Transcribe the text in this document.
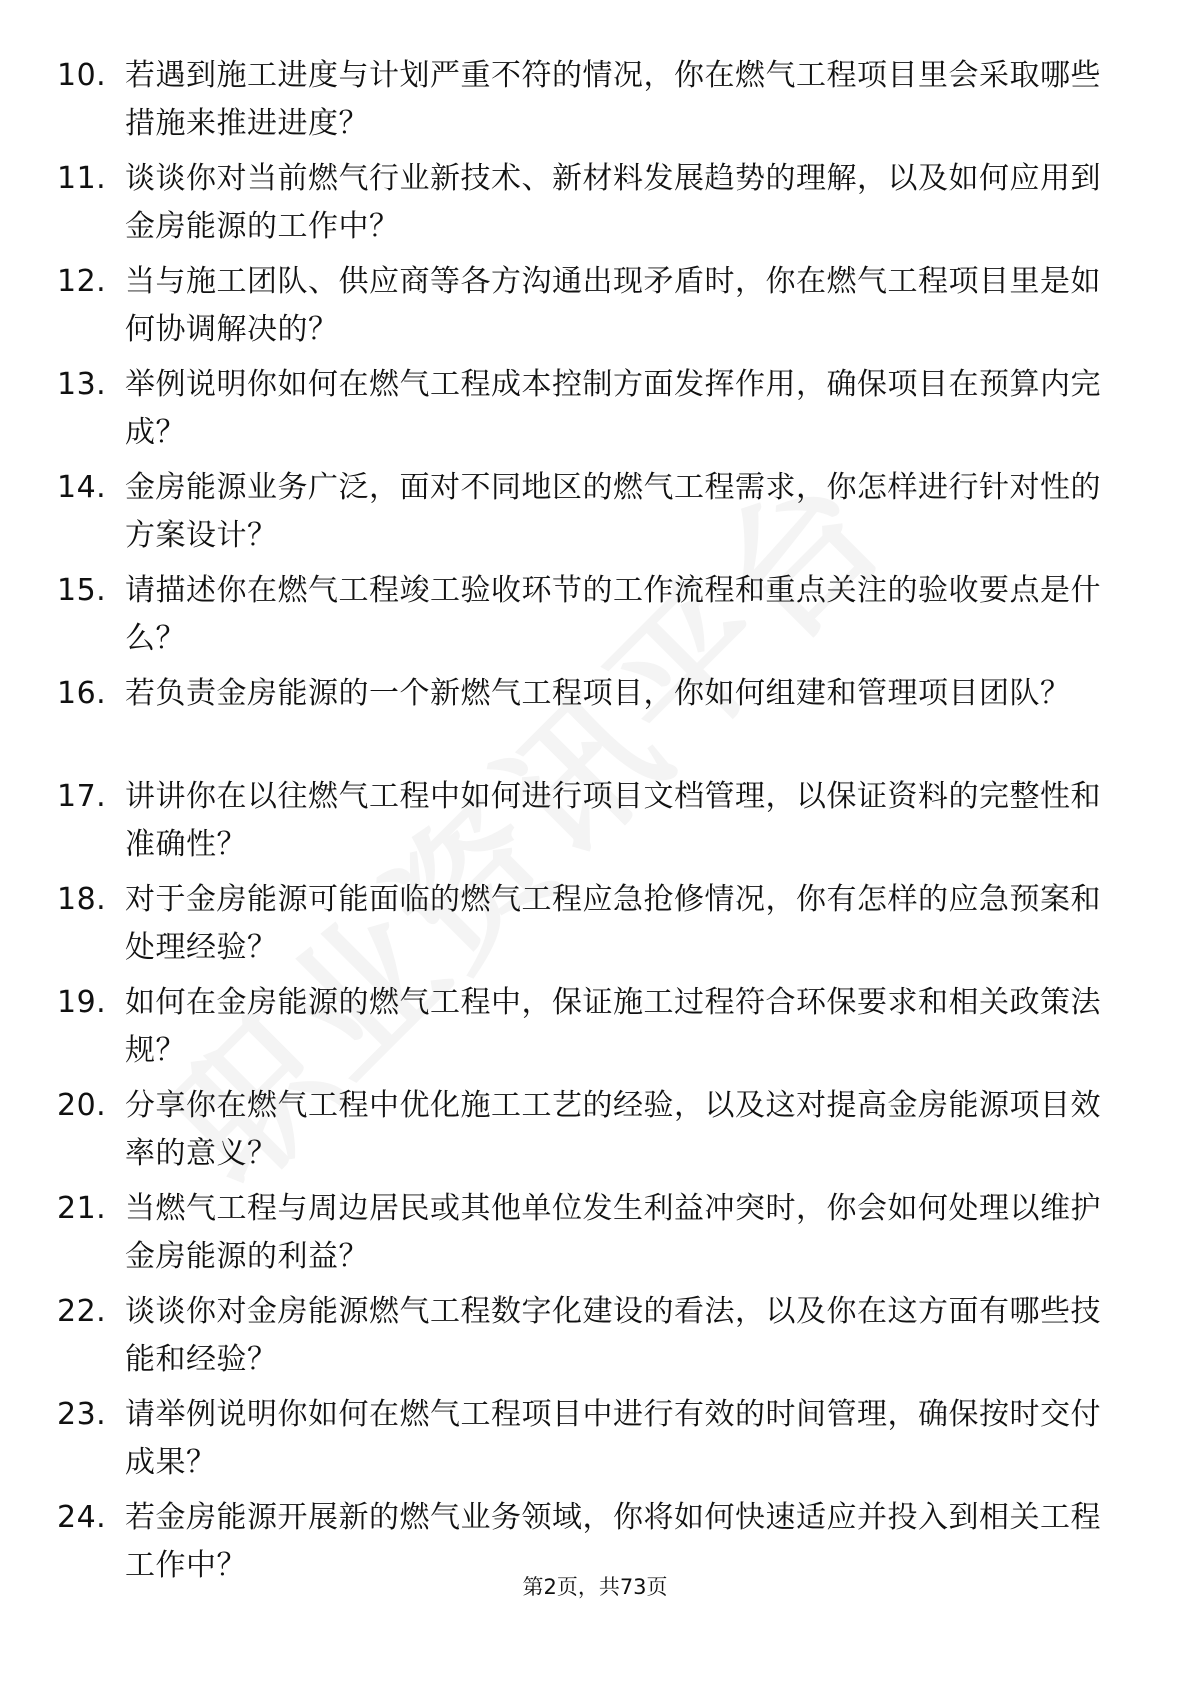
10. 若遇到施工进度与计划严重不符的情况，你在燃气工程项目里会采取哪些措施来推进进度？
11. 谈谈你对当前燃气行业新技术、新材料发展趋势的理解，以及如何应用到金房能源的工作中？
12. 当与施工团队、供应商等各方沟通出现矛盾时，你在燃气工程项目里是如何协调解决的？
13. 举例说明你如何在燃气工程成本控制方面发挥作用，确保项目在预算内完成？
14. 金房能源业务广泛，面对不同地区的燃气工程需求，你怎样进行针对性的方案设计？
15. 请描述你在燃气工程竣工验收环节的工作流程和重点关注的验收要点是什么？
16. 若负责金房能源的一个新燃气工程项目，你如何组建和管理项目团队？
17. 讲讲你在以往燃气工程中如何进行项目文档管理，以保证资料的完整性和准确性？
18. 对于金房能源可能面临的燃气工程应急抢修情况，你有怎样的应急预案和处理经验？
19. 如何在金房能源的燃气工程中，保证施工过程符合环保要求和相关政策法规？
20. 分享你在燃气工程中优化施工工艺的经验，以及这对提高金房能源项目效率的意义？
21. 当燃气工程与周边居民或其他单位发生利益冲突时，你会如何处理以维护金房能源的利益？
22. 谈谈你对金房能源燃气工程数字化建设的看法，以及你在这方面有哪些技能和经验？
23. 请举例说明你如何在燃气工程项目中进行有效的时间管理，确保按时交付成果？
24. 若金房能源开展新的燃气业务领域，你将如何快速适应并投入到相关工程工作中？
第2页，共73页
